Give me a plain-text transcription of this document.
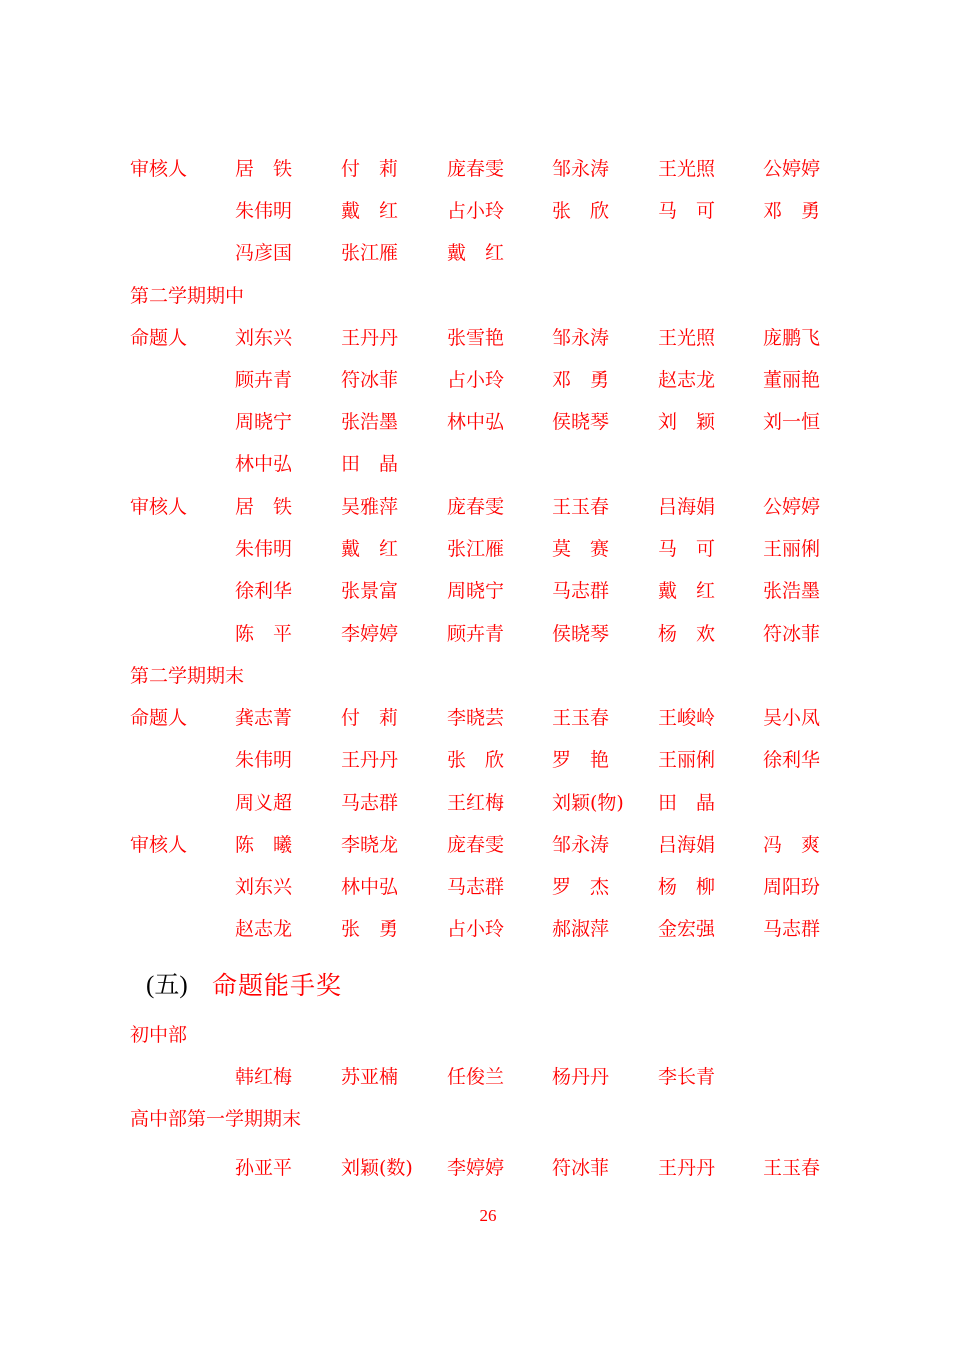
审核人	居　铁	付　莉	庞春雯	邹永涛	王光照	公婷婷
朱伟明	戴　红	占小玲	张　欣	马　可	邓　勇
冯彦国	张江雁	戴　红
第二学期期中
命题人	刘东兴	王丹丹	张雪艳	邹永涛	王光照	庞鹏飞
顾卉青	符冰菲	占小玲	邓　勇	赵志龙	董丽艳
周晓宁	张浩墨	林中弘	侯晓琴	刘　颖	刘一恒
林中弘	田　晶
审核人	居　铁	吴雅萍	庞春雯	王玉春	吕海娟	公婷婷
朱伟明	戴　红	张江雁	莫　赛	马　可	王丽俐
徐利华	张景富	周晓宁	马志群	戴　红	张浩墨
陈　平	李婷婷	顾卉青	侯晓琴	杨　欢	符冰菲
第二学期期末
命题人	龚志菁	付　莉	李晓芸	王玉春	王峻岭	吴小凤
朱伟明	王丹丹	张　欣	罗　艳	王丽俐	徐利华
周义超	马志群	王红梅	刘颖(物) 田　晶
审核人	陈　曦	李晓龙	庞春雯	邹永涛	吕海娟	冯　爽
刘东兴	林中弘	马志群	罗　杰	杨　柳	周阳玢
赵志龙	张　勇	占小玲	郝淑萍	金宏强	马志群
(五) 命题能手奖
初中部
韩红梅	苏亚楠	任俊兰	杨丹丹	李长青
高中部第一学期期末
孙亚平	刘颖(数) 李婷婷	符冰菲	王丹丹	王玉春
26
